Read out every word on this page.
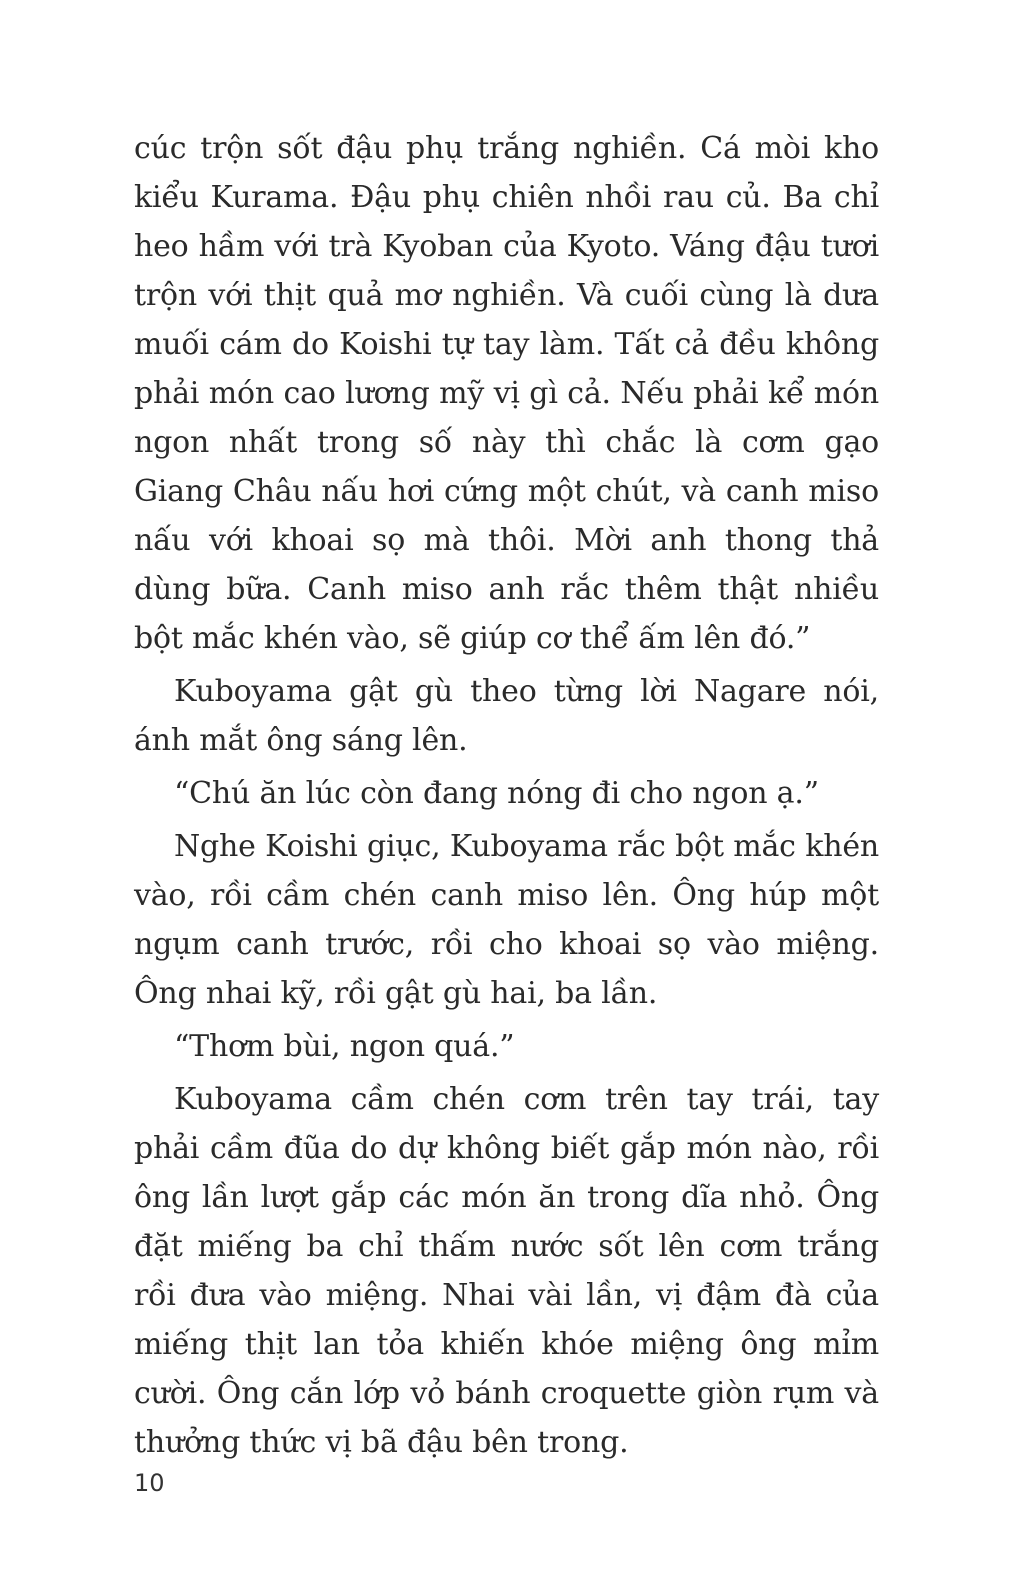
cúc trộn sốt đậu phụ trắng nghiền. Cá mòi kho kiểu Kurama. Đậu phụ chiên nhồi rau củ. Ba chỉ heo hầm với trà Kyoban của Kyoto. Váng đậu tươi trộn với thịt quả mơ nghiền. Và cuối cùng là dưa muối cám do Koishi tự tay làm. Tất cả đều không phải món cao lương mỹ vị gì cả. Nếu phải kể món ngon nhất trong số này thì chắc là cơm gạo Giang Châu nấu hơi cứng một chút, và canh miso nấu với khoai sọ mà thôi. Mời anh thong thả dùng bữa. Canh miso anh rắc thêm thật nhiều bột mắc khén vào, sẽ giúp cơ thể ấm lên đó.”

Kuboyama gật gù theo từng lời Nagare nói, ánh mắt ông sáng lên.

“Chú ăn lúc còn đang nóng đi cho ngon ạ.”

Nghe Koishi giục, Kuboyama rắc bột mắc khén vào, rồi cầm chén canh miso lên. Ông húp một ngụm canh trước, rồi cho khoai sọ vào miệng. Ông nhai kỹ, rồi gật gù hai, ba lần.

“Thơm bùi, ngon quá.”

Kuboyama cầm chén cơm trên tay trái, tay phải cầm đũa do dự không biết gắp món nào, rồi ông lần lượt gắp các món ăn trong dĩa nhỏ. Ông đặt miếng ba chỉ thấm nước sốt lên cơm trắng rồi đưa vào miệng. Nhai vài lần, vị đậm đà của miếng thịt lan tỏa khiến khóe miệng ông mỉm cười. Ông cắn lớp vỏ bánh croquette giòn rụm và thưởng thức vị bã đậu bên trong.

10
